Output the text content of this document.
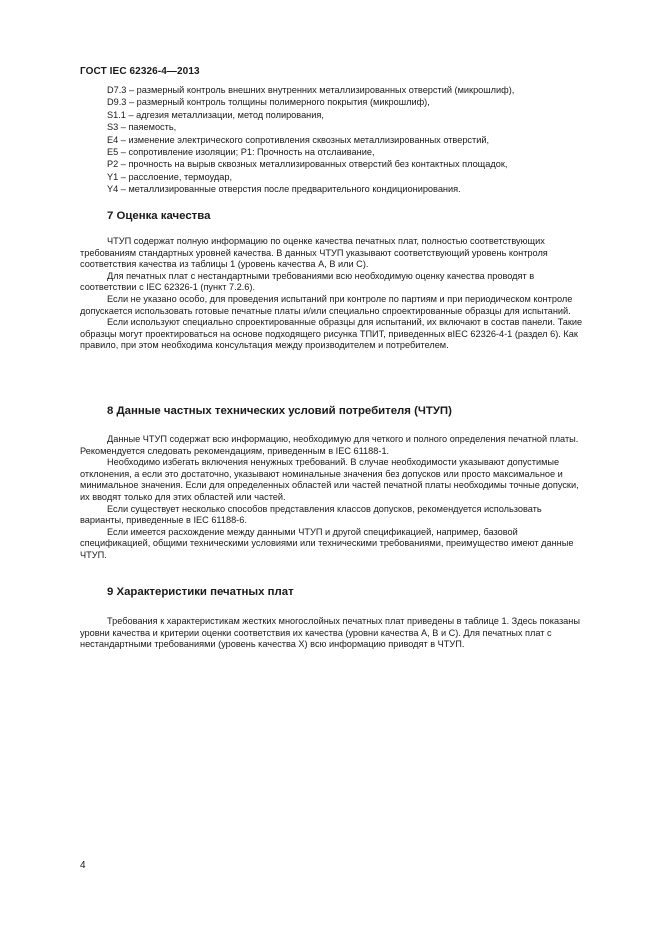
ГОСТ IEC 62326-4—2013
D7.3 – размерный контроль внешних внутренних металлизированных отверстий (микрошлиф),
D9.3 – размерный контроль толщины полимерного покрытия (микрошлиф),
S1.1 – адгезия металлизации, метод полирования,
S3 – паяемость,
E4 – изменение электрического сопротивления сквозных металлизированных отверстий,
E5 – сопротивление изоляции; P1: Прочность на отслаивание,
P2 – прочность на вырыв сквозных металлизированных отверстий без контактных площадок,
Y1 – расслоение, термоудар,
Y4 – металлизированные отверстия после предварительного кондиционирования.
7 Оценка качества

ЧТУП содержат полную информацию по оценке качества печатных плат, полностью соответствующих требованиям стандартных уровней качества. В данных ЧТУП указывают соответствующий уровень контроля соответствия качества из таблицы 1 (уровень качества А, В или С).

Для печатных плат с нестандартными требованиями всю необходимую оценку качества проводят в соответствии с IEC 62326-1 (пункт 7.2.6).

Если не указано особо, для проведения испытаний при контроле по партиям и при периодическом контроле допускается использовать готовые печатные платы и/или специально спроектированные образцы для испытаний.

Если используют специально спроектированные образцы для испытаний, их включают в состав панели. Такие образцы могут проектироваться на основе подходящего рисунка ТПИТ, приведенных вIEC 62326-4-1 (раздел 6). Как правило, при этом необходима консультация между производителем и потребителем.

8 Данные частных технических условий потребителя (ЧТУП)

Данные ЧТУП содержат всю информацию, необходимую для четкого и полного определения печатной платы. Рекомендуется следовать рекомендациям, приведенным в IEC 61188-1.

Необходимо избегать включения ненужных требований. В случае необходимости указывают допустимые отклонения, а если это достаточно, указывают номинальные значения без допусков или просто максимальное и минимальное значения. Если для определенных областей или частей печатной платы необходимы точные допуски, их вводят только для этих областей или частей.

Если существует несколько способов представления классов допусков, рекомендуется использовать варианты, приведенные в IEC 61188-6.

Если имеется расхождение между данными ЧТУП и другой спецификацией, например, базовой спецификацией, общими техническими условиями или техническими требованиями, преимущество имеют данные ЧТУП.

9 Характеристики печатных плат

Требования к характеристикам жестких многослойных печатных плат приведены в таблице 1. Здесь показаны уровни качества и критерии оценки соответствия их качества (уровни качества А, В и С). Для печатных плат с нестандартными требованиями (уровень качества X) всю информацию приводят в ЧТУП.

4
